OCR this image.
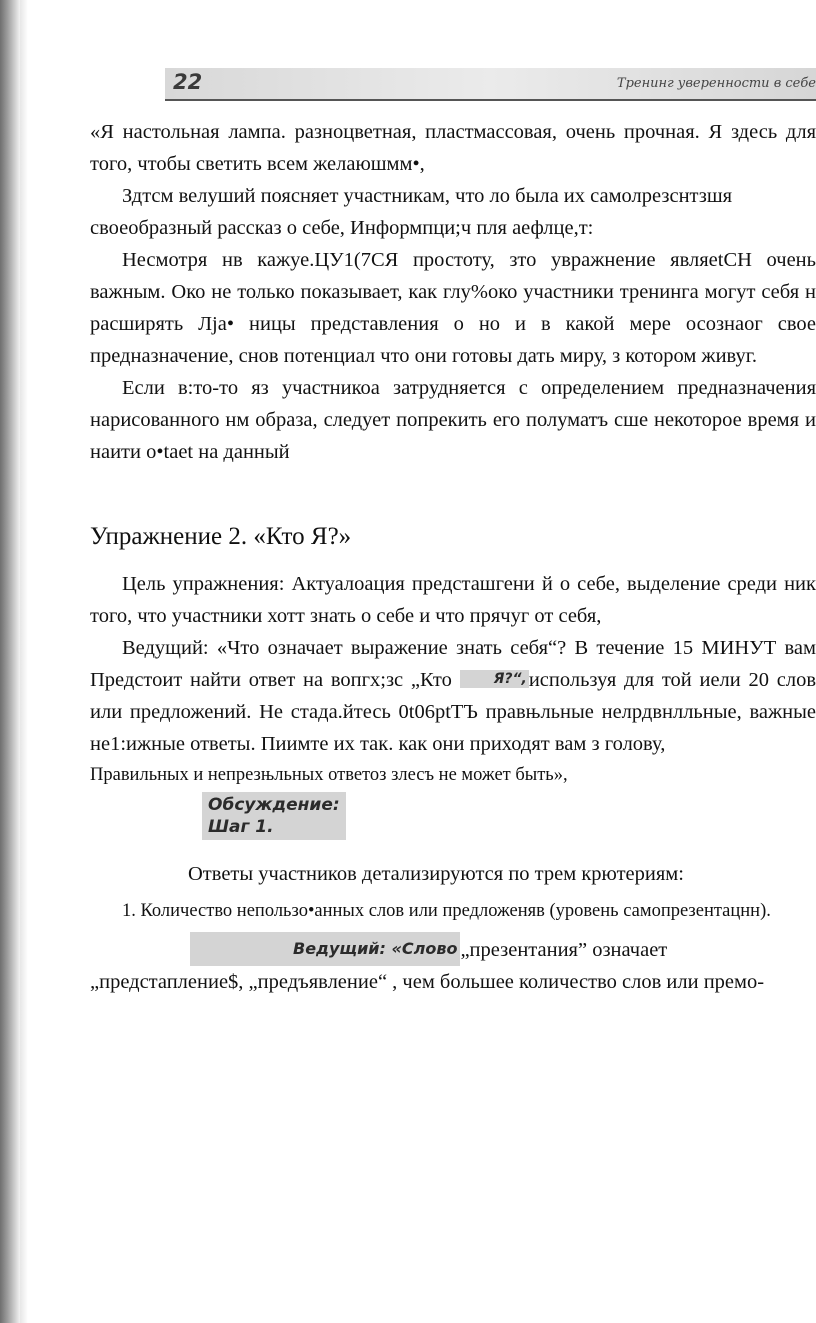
22	Тренинг уверенности в себе

«Я настольная лампа. разноцветная, пластмассовая, очень прочная. Я здесь для того, чтобы светить всем желаюшмм•,

Здтсм велуший поясняет участникам, что ло была их самолрезснтзшя своеобразный рассказ о себе, Информпци;ч пля аефлце,т:

Несмотря нв кажуе.ЦУ1(7СЯ простоту, зто увражнение являetСН очень важным. Око не только показывает, как глу%око участники тренинга могут себя н расширять Лја• ницы представления о но и в какой мере осознаог свое предназначение, снов потенциал что они готовы дать миру, з котором живуг.

Если в:то-то яз участникоа затрудняется с определением предназначения нарисованного нм образа, следует попрекить его полуматъ сше некоторое время и наити о•taet на данный

Упражнение 2. «Кто Я?»

Цель упражнения: Актуалоация предсташгени й о себе, выделение среди ник того, что участники хотт знать о себе и что прячуг от себя,

Ведущий: «Что означает выражение знать себя“? В течение 15 МИНУТ вам Предстоит найти ответ на вопгх;зс „Кто	Я?“,используя для той иели 20 слов или предложений. Не стада.йтесь 0t06ptТЪ правњльные нелрдвнлльные, важные не1:ижные ответы. Пиимте их так. как они приходят вам з голову,

Правильных и непрезњльных ответоз злесъ не может быть»,

Обсуждение:
Шаг 1.

Ответы участников детализируются по трем крютериям:

1. Количество непользо•анных слов или предложеняв (уровень самопрезентацнн).

Ведущий: «Слово „презентания” означает „предстапление$, „предъявление“ , чем большее количество слов или премо-
